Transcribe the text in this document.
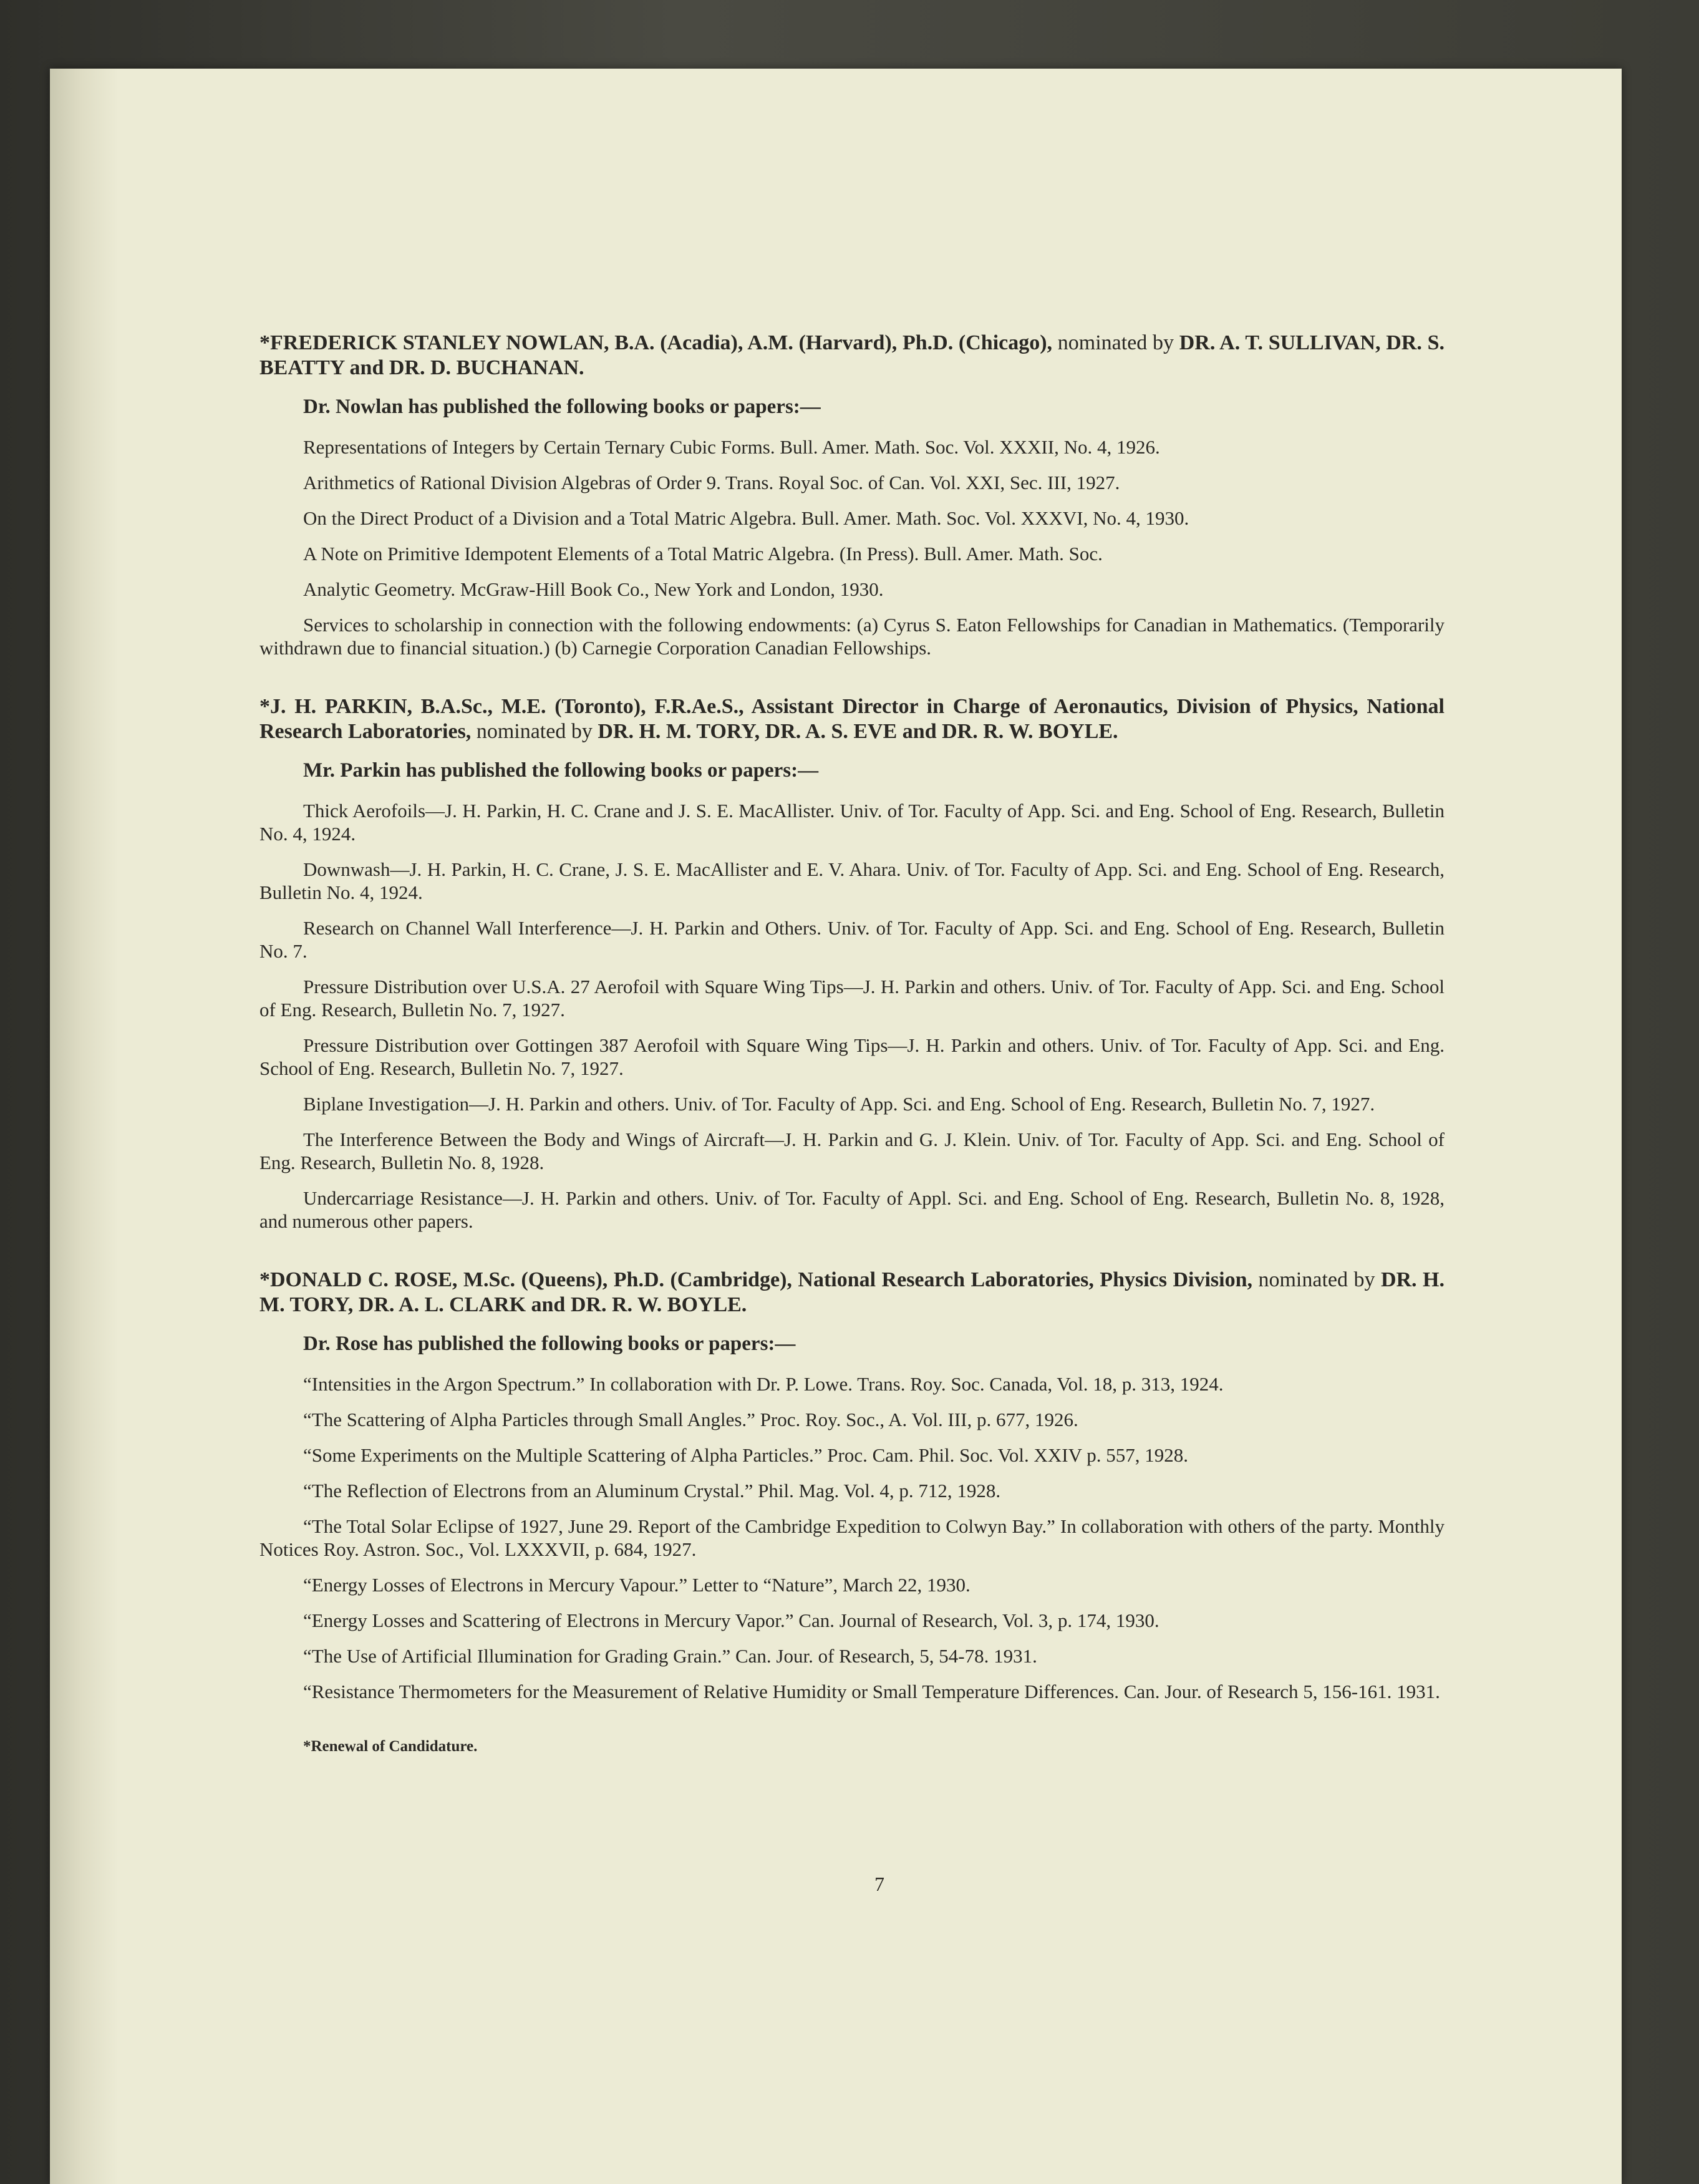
*FREDERICK STANLEY NOWLAN, B.A. (Acadia), A.M. (Harvard), Ph.D. (Chicago), nominated by DR. A. T. SULLIVAN, DR. S. BEATTY and DR. D. BUCHANAN.

Dr. Nowlan has published the following books or papers:—

Representations of Integers by Certain Ternary Cubic Forms. Bull. Amer. Math. Soc. Vol. XXXII, No. 4, 1926.

Arithmetics of Rational Division Algebras of Order 9. Trans. Royal Soc. of Can. Vol. XXI, Sec. III, 1927.

On the Direct Product of a Division and a Total Matric Algebra. Bull. Amer. Math. Soc. Vol. XXXVI, No. 4, 1930.

A Note on Primitive Idempotent Elements of a Total Matric Algebra. (In Press). Bull. Amer. Math. Soc.

Analytic Geometry. McGraw-Hill Book Co., New York and London, 1930.

Services to scholarship in connection with the following endowments: (a) Cyrus S. Eaton Fellowships for Canadian in Mathematics. (Temporarily withdrawn due to financial situation.) (b) Carnegie Corporation Canadian Fellowships.

*J. H. PARKIN, B.A.Sc., M.E. (Toronto), F.R.Ae.S., Assistant Director in Charge of Aeronautics, Division of Physics, National Research Laboratories, nominated by DR. H. M. TORY, DR. A. S. EVE and DR. R. W. BOYLE.

Mr. Parkin has published the following books or papers:—

Thick Aerofoils—J. H. Parkin, H. C. Crane and J. S. E. MacAllister. Univ. of Tor. Faculty of App. Sci. and Eng. School of Eng. Research, Bulletin No. 4, 1924.

Downwash—J. H. Parkin, H. C. Crane, J. S. E. MacAllister and E. V. Ahara. Univ. of Tor. Faculty of App. Sci. and Eng. School of Eng. Research, Bulletin No. 4, 1924.

Research on Channel Wall Interference—J. H. Parkin and Others. Univ. of Tor. Faculty of App. Sci. and Eng. School of Eng. Research, Bulletin No. 7.

Pressure Distribution over U.S.A. 27 Aerofoil with Square Wing Tips—J. H. Parkin and others. Univ. of Tor. Faculty of App. Sci. and Eng. School of Eng. Research, Bulletin No. 7, 1927.

Pressure Distribution over Gottingen 387 Aerofoil with Square Wing Tips—J. H. Parkin and others. Univ. of Tor. Faculty of App. Sci. and Eng. School of Eng. Research, Bulletin No. 7, 1927.

Biplane Investigation—J. H. Parkin and others. Univ. of Tor. Faculty of App. Sci. and Eng. School of Eng. Research, Bulletin No. 7, 1927.

The Interference Between the Body and Wings of Aircraft—J. H. Parkin and G. J. Klein. Univ. of Tor. Faculty of App. Sci. and Eng. School of Eng. Research, Bulletin No. 8, 1928.

Undercarriage Resistance—J. H. Parkin and others. Univ. of Tor. Faculty of Appl. Sci. and Eng. School of Eng. Research, Bulletin No. 8, 1928, and numerous other papers.

*DONALD C. ROSE, M.Sc. (Queens), Ph.D. (Cambridge), National Research Laboratories, Physics Division, nominated by DR. H. M. TORY, DR. A. L. CLARK and DR. R. W. BOYLE.

Dr. Rose has published the following books or papers:—

“Intensities in the Argon Spectrum.” In collaboration with Dr. P. Lowe. Trans. Roy. Soc. Canada, Vol. 18, p. 313, 1924.

“The Scattering of Alpha Particles through Small Angles.” Proc. Roy. Soc., A. Vol. III, p. 677, 1926.

“Some Experiments on the Multiple Scattering of Alpha Particles.” Proc. Cam. Phil. Soc. Vol. XXIV p. 557, 1928.

“The Reflection of Electrons from an Aluminum Crystal.” Phil. Mag. Vol. 4, p. 712, 1928.

“The Total Solar Eclipse of 1927, June 29. Report of the Cambridge Expedition to Colwyn Bay.” In collaboration with others of the party. Monthly Notices Roy. Astron. Soc., Vol. LXXXVII, p. 684, 1927.

“Energy Losses of Electrons in Mercury Vapour.” Letter to “Nature”, March 22, 1930.

“Energy Losses and Scattering of Electrons in Mercury Vapor.” Can. Journal of Research, Vol. 3, p. 174, 1930.

“The Use of Artificial Illumination for Grading Grain.” Can. Jour. of Research, 5, 54-78. 1931.

“Resistance Thermometers for the Measurement of Relative Humidity or Small Temperature Differences. Can. Jour. of Research 5, 156-161. 1931.

*Renewal of Candidature.

7
